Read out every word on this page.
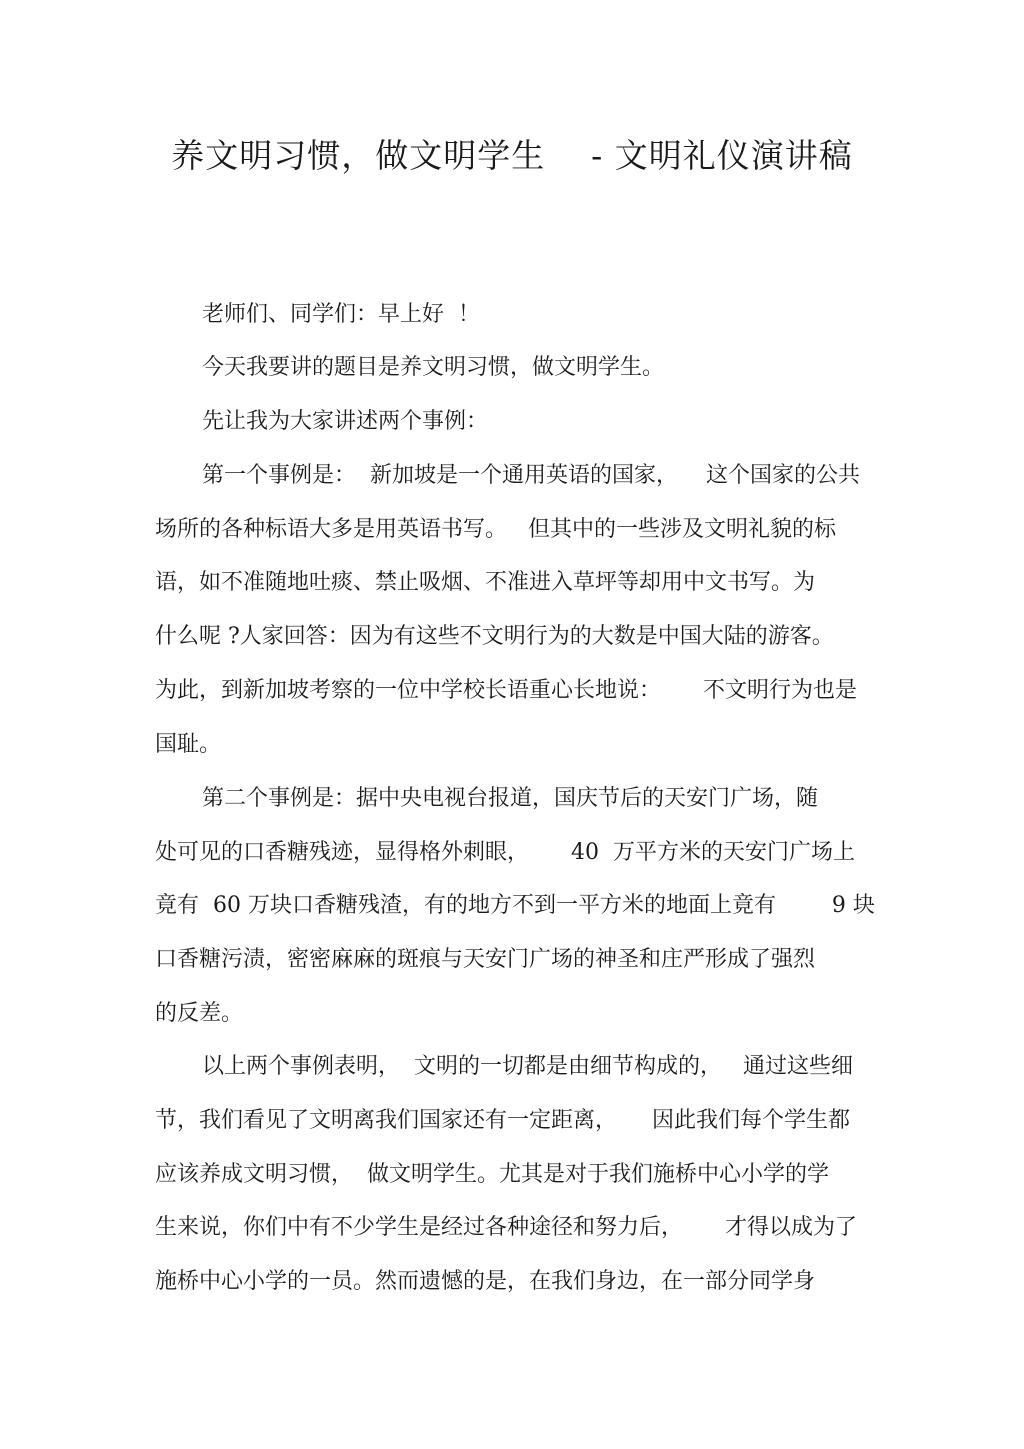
养文明习惯，做文明学生    - 文明礼仪演讲稿
老师们、同学们：早上好  ！
今天我要讲的题目是养文明习惯，做文明学生。
先让我为大家讲述两个事例：
第一个事例是：  新加坡是一个通用英语的国家，    这个国家的公共
场所的各种标语大多是用英语书写。   但其中的一些涉及文明礼貌的标
语，如不准随地吐痰、禁止吸烟、不准进入草坪等却用中文书写。为
什么呢 ?人家回答：因为有这些不文明行为的大数是中国大陆的游客。
为此，到新加坡考察的一位中学校长语重心长地说：      不文明行为也是
国耻。
第二个事例是：据中央电视台报道，国庆节后的天安门广场，随
处可见的口香糖残迹，显得格外刺眼，      40  万平方米的天安门广场上
竟有  60 万块口香糖残渣，有的地方不到一平方米的地面上竟有        9 块
口香糖污渍，密密麻麻的斑痕与天安门广场的神圣和庄严形成了强烈
的反差。
以上两个事例表明，  文明的一切都是由细节构成的，   通过这些细
节，我们看见了文明离我们国家还有一定距离，     因此我们每个学生都
应该养成文明习惯，  做文明学生。尤其是对于我们施桥中心小学的学
生来说，你们中有不少学生是经过各种途径和努力后，      才得以成为了
施桥中心小学的一员。然而遗憾的是，在我们身边，在一部分同学身
